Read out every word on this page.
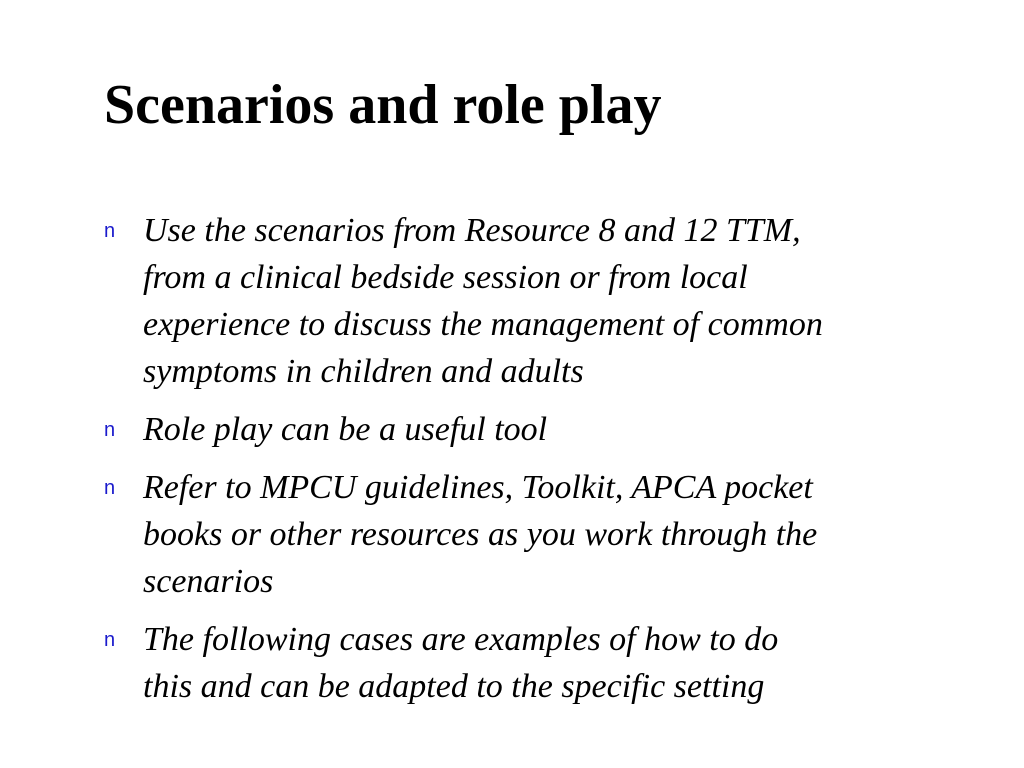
Scenarios and role play
n Use the scenarios from Resource 8 and 12 TTM,
from a clinical bedside session or from local
experience to discuss the management of common
symptoms in children and adults
n Role play can be a useful tool
n Refer to MPCU guidelines, Toolkit, APCA pocket
books or other resources as you work through the
scenarios
n The following cases are examples of how to do
this and can be adapted to the specific setting
